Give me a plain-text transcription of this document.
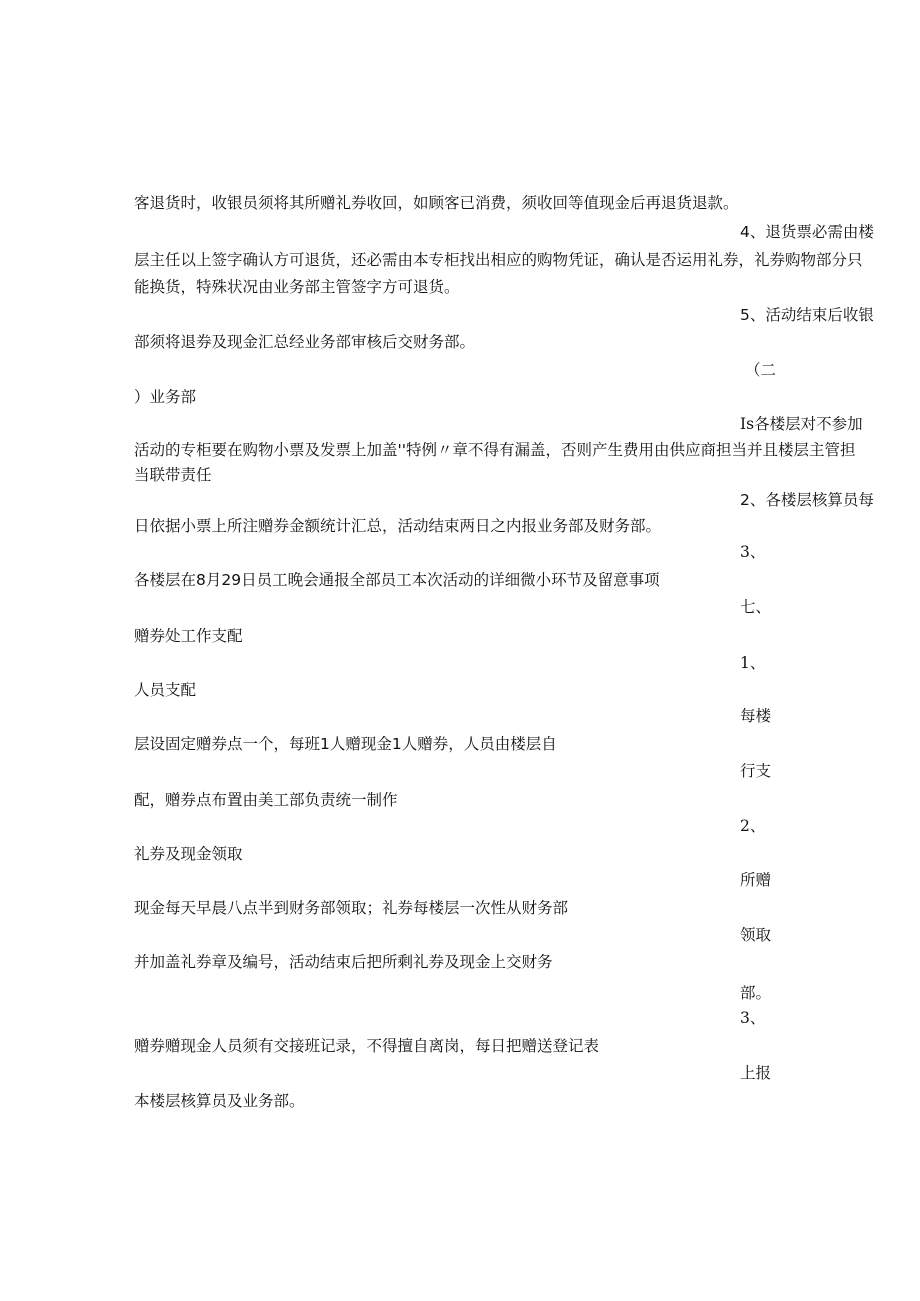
客退货时，收银员须将其所赠礼券收回，如顾客已消费，须收回等值现金后再退货退款。

4、退货票必需由楼

层主任以上签字确认方可退货，还必需由本专柜找出相应的购物凭证，确认是否运用礼券，礼券购物部分只

能换货，特殊状况由业务部主管签字方可退货。

5、活动结束后收银

部须将退券及现金汇总经业务部审核后交财务部。

（二

）业务部

Is各楼层对不参加

活动的专柜要在购物小票及发票上加盖''特例〃章不得有漏盖，否则产生费用由供应商担当并且楼层主管担

当联带责任

2、各楼层核算员每

日依据小票上所注赠券金额统计汇总，活动结束两日之内报业务部及财务部。

3、

各楼层在8月29日员工晚会通报全部员工本次活动的详细微小环节及留意事项

七、

赠券处工作支配

1、

人员支配

每楼

层设固定赠券点一个，每班1人赠现金1人赠券，人员由楼层自

行支

配，赠券点布置由美工部负责统一制作

2、

礼券及现金领取

所赠

现金每天早晨八点半到财务部领取；礼券每楼层一次性从财务部

领取

并加盖礼券章及编号，活动结束后把所剩礼券及现金上交财务

部。

3、

赠券赠现金人员须有交接班记录，不得擅自离岗，每日把赠送登记表

上报

本楼层核算员及业务部。
